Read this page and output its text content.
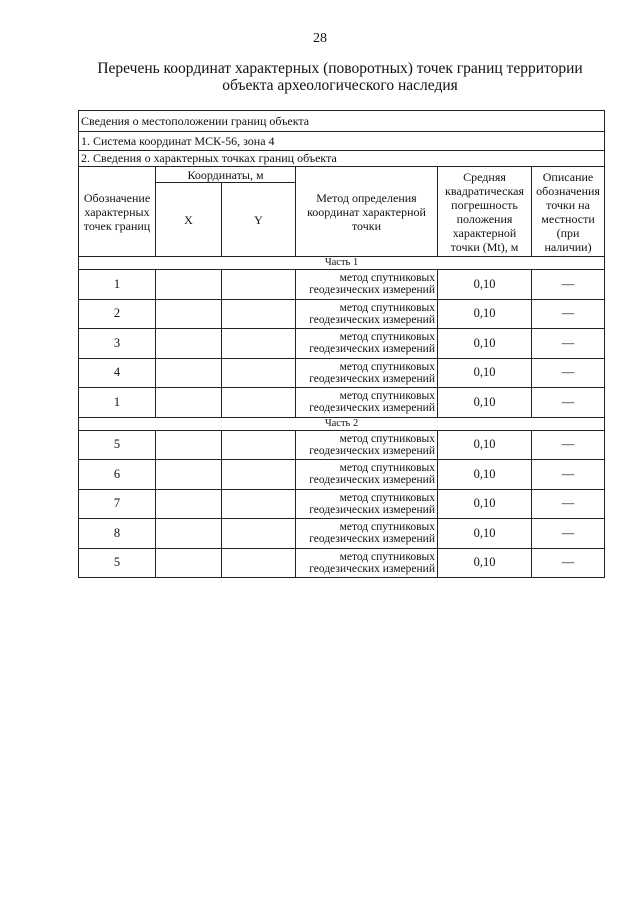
28
Перечень координат характерных (поворотных) точек границ территории
объекта археологического наследия
Сведения о местоположении границ объекта					
1. Система координат МСК-56, зона 4					
2. Сведения о характерных точках границ объекта					
Обозначение характерных точек границ	Координаты, м		Метод определения координат характерной точки	Средняя квадратическая погрешность положения характерной точки (Mt), м	Описание обозначения точки на местности (при наличии)
	X	Y			
Часть 1					
1			метод спутниковых геодезических измерений	0,10	—
2			метод спутниковых геодезических измерений	0,10	—
3			метод спутниковых геодезических измерений	0,10	—
4			метод спутниковых геодезических измерений	0,10	—
1			метод спутниковых геодезических измерений	0,10	—
Часть 2					
5			метод спутниковых геодезических измерений	0,10	—
6			метод спутниковых геодезических измерений	0,10	—
7			метод спутниковых геодезических измерений	0,10	—
8			метод спутниковых геодезических измерений	0,10	—
5			метод спутниковых геодезических измерений	0,10	—
